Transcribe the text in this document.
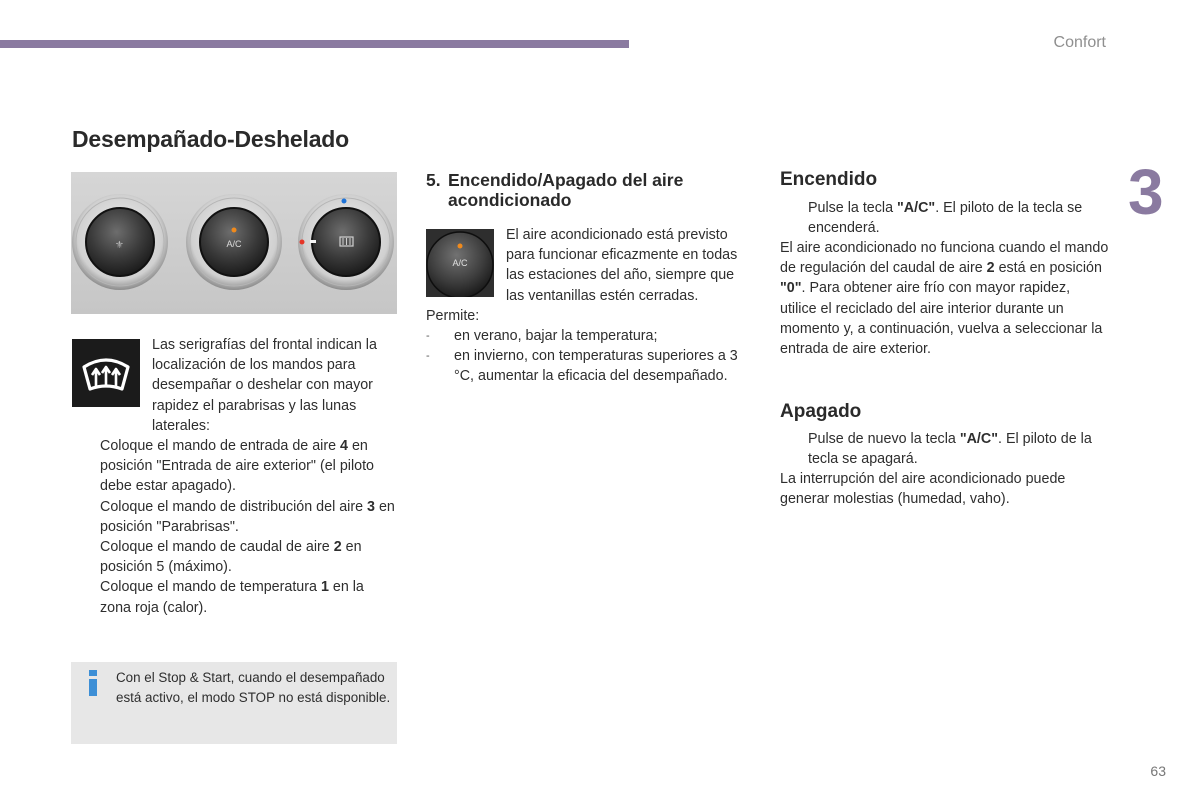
Confort
3
Desempañado-Deshelado
⚜	A/C

Las serigrafías del frontal indican la localización de los mandos para desempañar o deshelar con mayor rapidez el parabrisas y las lunas laterales:

Coloque el mando de entrada de aire 4 en posición "Entrada de aire exterior" (el piloto debe estar apagado).
Coloque el mando de distribución del aire 3 en posición "Parabrisas".
Coloque el mando de caudal de aire 2 en posición 5 (máximo).
Coloque el mando de temperatura 1 en la zona roja (calor).

Con el Stop & Start, cuando el desempañado está activo, el modo STOP no está disponible.

5. Encendido/Apagado del aire
acondicionado
A/C

El aire acondicionado está previsto para funcionar eficazmente en todas las estaciones del año, siempre que las ventanillas estén cerradas.

Permite:

- en verano, bajar la temperatura;
- en invierno, con temperaturas superiores a 3 °C, aumentar la eficacia del desempañado.
Encendido
Pulse la tecla "A/C". El piloto de la tecla se encenderá.

El aire acondicionado no funciona cuando el mando de regulación del caudal de aire 2 está en posición "0". Para obtener aire frío con mayor rapidez, utilice el reciclado del aire interior durante un momento y, a continuación, vuelva a seleccionar la entrada de aire exterior.

Apagado
Pulse de nuevo la tecla "A/C". El piloto de la tecla se apagará.

La interrupción del aire acondicionado puede generar molestias (humedad, vaho).

63
